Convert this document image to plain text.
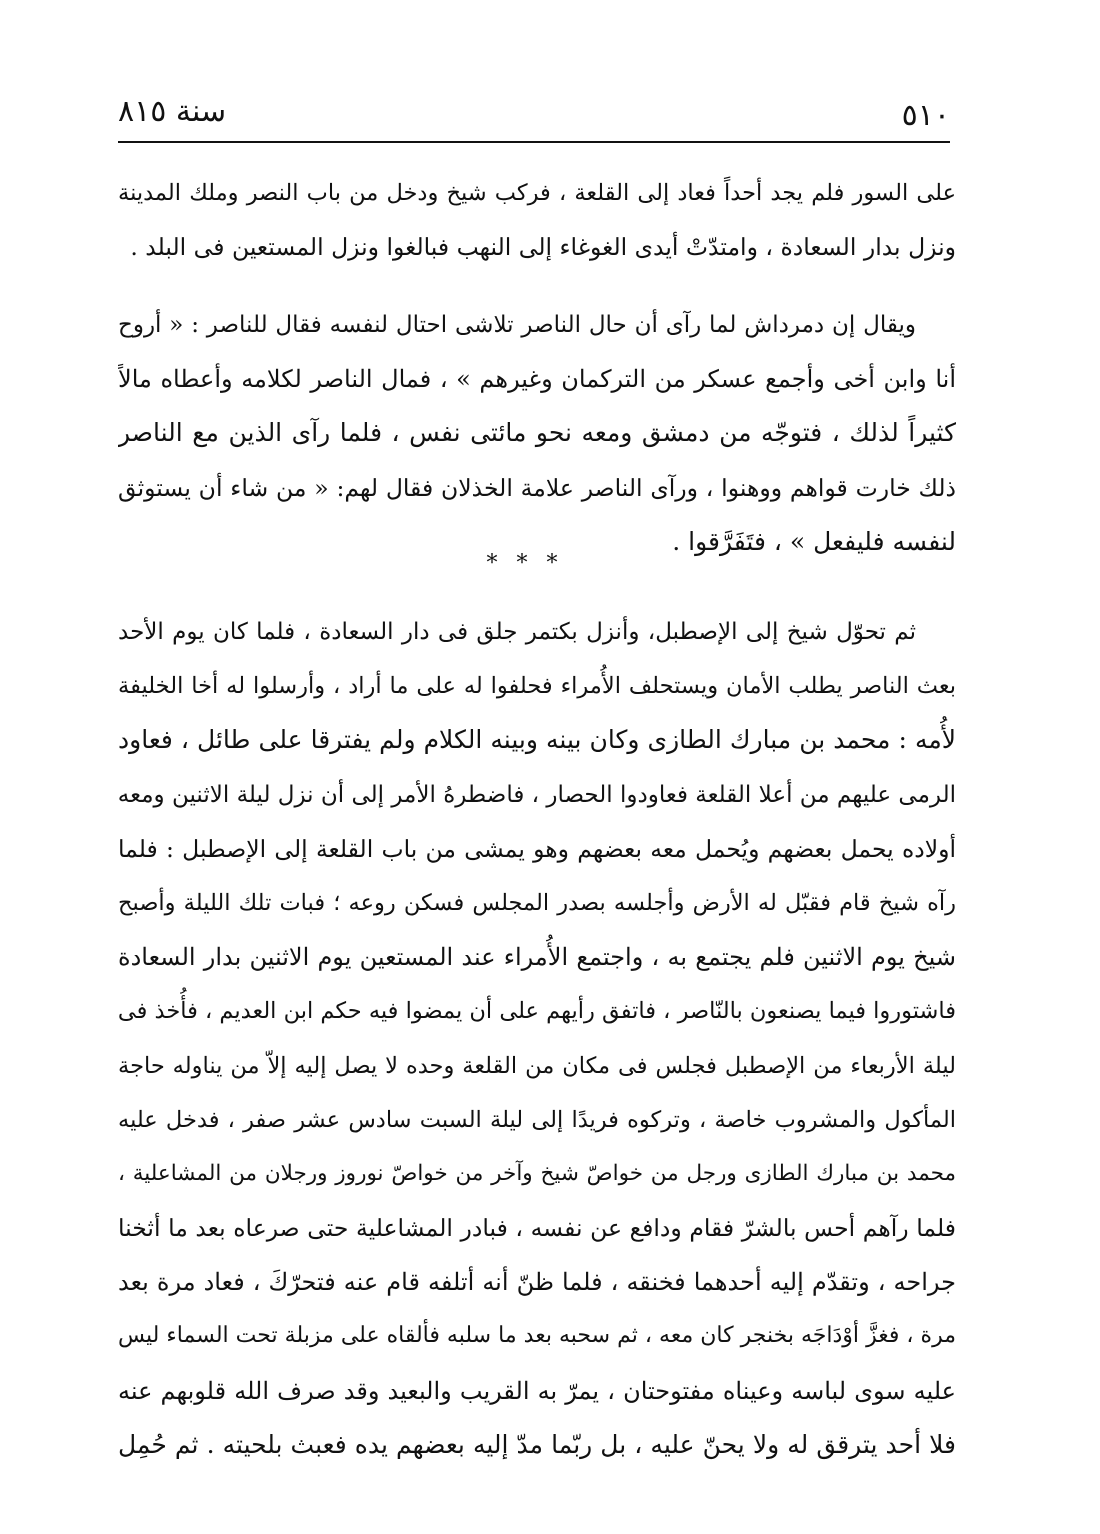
سنة ٨١٥	٥١٠
على السور فلم يجد أحداً فعاد إلى القلعة ، فركب شيخ ودخل من باب النصر وملك المدينة
ونزل بدار السعادة ، وامتدّتْ أيدى الغوغاء إلى النهب فبالغوا ونزل المستعين فى البلد .
ويقال إن دمرداش لما رآى أن حال الناصر تلاشى احتال لنفسه فقال للناصر : « أروح
أنا وابن أخى وأجمع عسكر من التركمان وغيرهم » ، فمال الناصر لكلامه وأعطاه مالاً
كثيراً لذلك ، فتوجّه من دمشق ومعه نحو مائتى نفس ، فلما رآى الذين مع الناصر
ذلك خارت قواهم ووهنوا ، ورآى الناصر علامة الخذلان فقال لهم: « من شاء أن يستوثق
لنفسه فليفعل » ، فتَفَرَّقوا .
* * *
ثم تحوّل شيخ إلى الإصطبل، وأنزل بكتمر جلق فى دار السعادة ، فلما كان يوم الأحد
بعث الناصر يطلب الأمان ويستحلف الأُمراء فحلفوا له على ما أراد ، وأرسلوا له أخا الخليفة
لأُمه : محمد بن مبارك الطازى وكان بينه وبينه الكلام ولم يفترقا على طائل ، فعاود
الرمى عليهم من أعلا القلعة فعاودوا الحصار ، فاضطرهُ الأمر إلى أن نزل ليلة الاثنين ومعه
أولاده يحمل بعضهم ويُحمل معه بعضهم وهو يمشى من باب القلعة إلى الإصطبل : فلما
رآه شيخ قام فقبّل له الأرض وأجلسه بصدر المجلس فسكن روعه ؛ فبات تلك الليلة وأصبح
شيخ يوم الاثنين فلم يجتمع به ، واجتمع الأُمراء عند المستعين يوم الاثنين بدار السعادة
فاشتوروا فيما يصنعون بالنّاصر ، فاتفق رأيهم على أن يمضوا فيه حكم ابن العديم ، فأُخذ فى
ليلة الأربعاء من الإصطبل فجلس فى مكان من القلعة وحده لا يصل إليه إلاّ من يناوله حاجة
المأكول والمشروب خاصة ، وتركوه فريدًا إلى ليلة السبت سادس عشر صفر ، فدخل عليه
محمد بن مبارك الطازى ورجل من خواصّ شيخ وآخر من خواصّ نوروز ورجلان من المشاعلية ،
فلما رآهم أحس بالشرّ فقام ودافع عن نفسه ، فبادر المشاعلية حتى صرعاه بعد ما أثخنا
جراحه ، وتقدّم إليه أحدهما فخنقه ، فلما ظنّ أنه أتلفه قام عنه فتحرّكَ ، فعاد مرة بعد
مرة ، فغزَّ أوْدَاجَه بخنجر كان معه ، ثم سحبه بعد ما سلبه فألقاه على مزبلة تحت السماء ليس
عليه سوى لباسه وعيناه مفتوحتان ، يمرّ به القريب والبعيد وقد صرف الله قلوبهم عنه
فلا أحد يترقق له ولا يحنّ عليه ، بل ربّما مدّ إليه بعضهم يده فعبث بلحيته . ثم حُمِل
